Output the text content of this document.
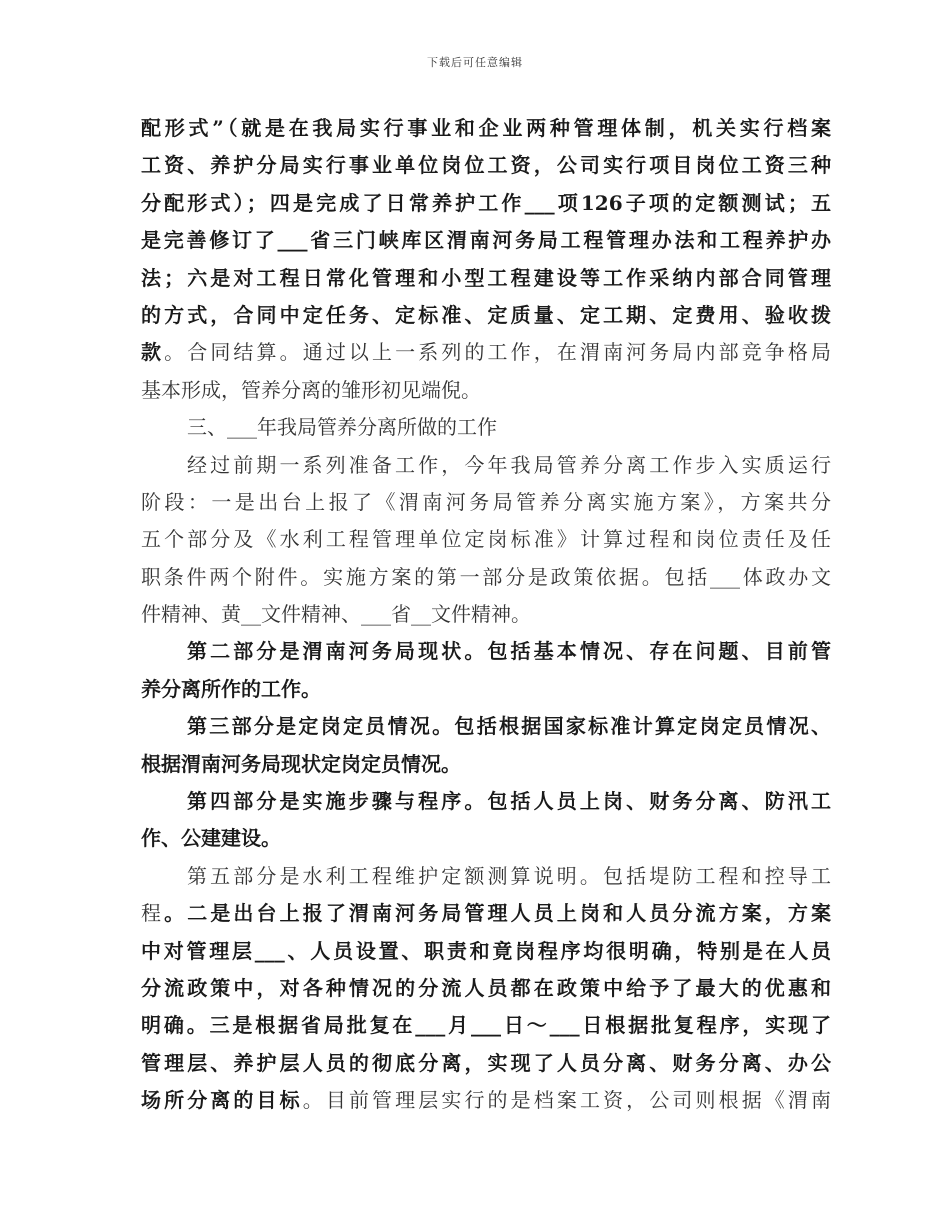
下载后可任意编辑
配形式”（就是在我局实行事业和企业两种管理体制，机关实行档案
工资、养护分局实行事业单位岗位工资，公司实行项目岗位工资三种
分配形式）；四是完成了日常养护工作___项126子项的定额测试；五
是完善修订了___省三门峡库区渭南河务局工程管理办法和工程养护办
法；六是对工程日常化管理和小型工程建设等工作采纳内部合同管理
的方式，合同中定任务、定标准、定质量、定工期、定费用、验收拨
款。合同结算。通过以上一系列的工作，在渭南河务局内部竞争格局
基本形成，管养分离的雏形初见端倪。
三、___年我局管养分离所做的工作
经过前期一系列准备工作，今年我局管养分离工作步入实质运行
阶段：一是出台上报了《渭南河务局管养分离实施方案》，方案共分
五个部分及《水利工程管理单位定岗标准》计算过程和岗位责任及任
职条件两个附件。实施方案的第一部分是政策依据。包括___体政办文
件精神、黄__文件精神、___省__文件精神。
第二部分是渭南河务局现状。包括基本情况、存在问题、目前管
养分离所作的工作。
第三部分是定岗定员情况。包括根据国家标准计算定岗定员情况、
根据渭南河务局现状定岗定员情况。
第四部分是实施步骤与程序。包括人员上岗、财务分离、防汛工
作、公建建设。
第五部分是水利工程维护定额测算说明。包括堤防工程和控导工
程。二是出台上报了渭南河务局管理人员上岗和人员分流方案，方案
中对管理层___、人员设置、职责和竟岗程序均很明确，特别是在人员
分流政策中，对各种情况的分流人员都在政策中给予了最大的优惠和
明确。三是根据省局批复在___月___日～___日根据批复程序，实现了
管理层、养护层人员的彻底分离，实现了人员分离、财务分离、办公
场所分离的目标。目前管理层实行的是档案工资，公司则根据《渭南
